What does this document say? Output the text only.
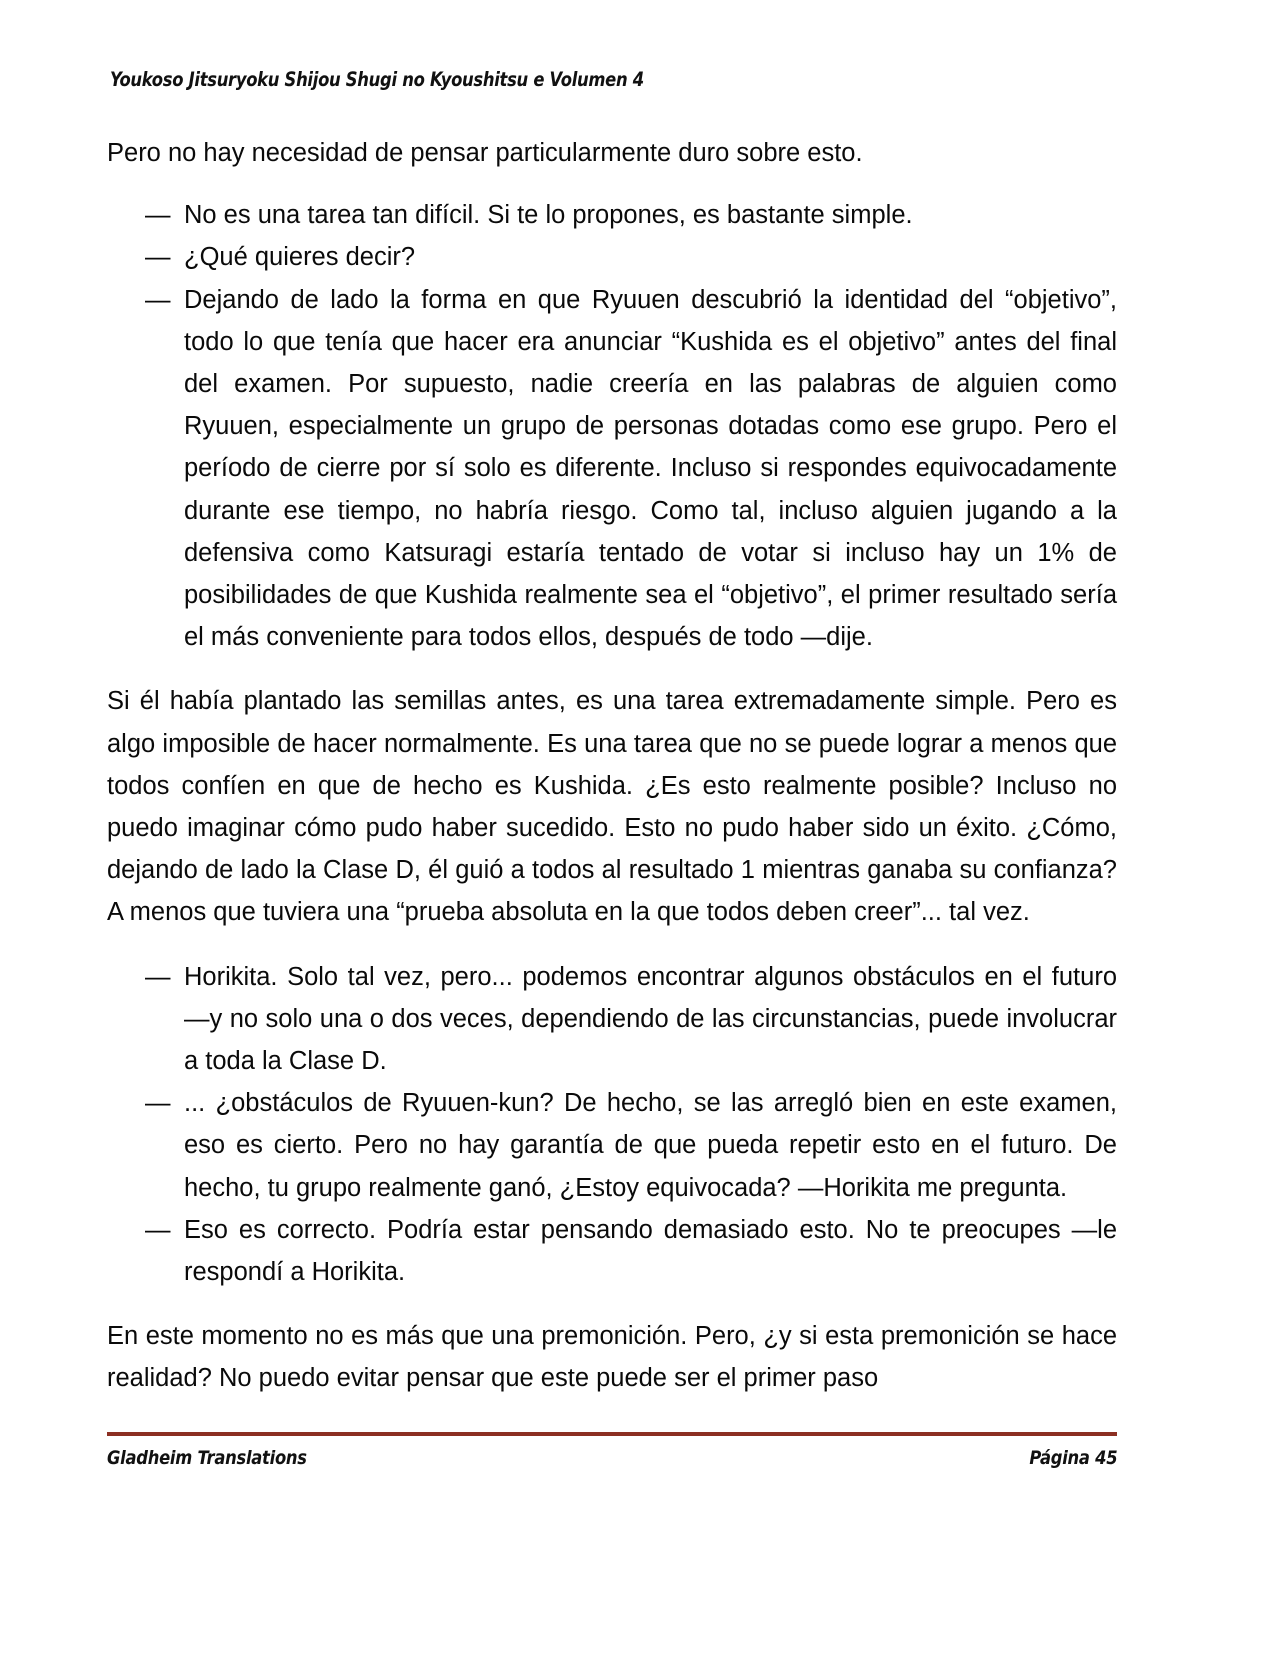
Youkoso Jitsuryoku Shijou Shugi no Kyoushitsu e Volumen 4

Pero no hay necesidad de pensar particularmente duro sobre esto.

— No es una tarea tan difícil. Si te lo propones, es bastante simple.
— ¿Qué quieres decir?
— Dejando de lado la forma en que Ryuuen descubrió la identidad del “objetivo”, todo lo que tenía que hacer era anunciar “Kushida es el objetivo” antes del final del examen. Por supuesto, nadie creería en las palabras de alguien como Ryuuen, especialmente un grupo de personas dotadas como ese grupo. Pero el período de cierre por sí solo es diferente. Incluso si respondes equivocadamente durante ese tiempo, no habría riesgo. Como tal, incluso alguien jugando a la defensiva como Katsuragi estaría tentado de votar si incluso hay un 1% de posibilidades de que Kushida realmente sea el “objetivo”, el primer resultado sería el más conveniente para todos ellos, después de todo —dije.

Si él había plantado las semillas antes, es una tarea extremadamente simple. Pero es algo imposible de hacer normalmente. Es una tarea que no se puede lograr a menos que todos confíen en que de hecho es Kushida. ¿Es esto realmente posible? Incluso no puedo imaginar cómo pudo haber sucedido. Esto no pudo haber sido un éxito. ¿Cómo, dejando de lado la Clase D, él guió a todos al resultado 1 mientras ganaba su confianza? A menos que tuviera una “prueba absoluta en la que todos deben creer”... tal vez.

— Horikita. Solo tal vez, pero... podemos encontrar algunos obstáculos en el futuro —y no solo una o dos veces, dependiendo de las circunstancias, puede involucrar a toda la Clase D.
— ... ¿obstáculos de Ryuuen-kun? De hecho, se las arregló bien en este examen, eso es cierto. Pero no hay garantía de que pueda repetir esto en el futuro. De hecho, tu grupo realmente ganó, ¿Estoy equivocada? —Horikita me pregunta.
— Eso es correcto. Podría estar pensando demasiado esto. No te preocupes —le respondí a Horikita.

En este momento no es más que una premonición. Pero, ¿y si esta premonición se hace realidad? No puedo evitar pensar que este puede ser el primer paso

Gladheim Translations	Página 45
